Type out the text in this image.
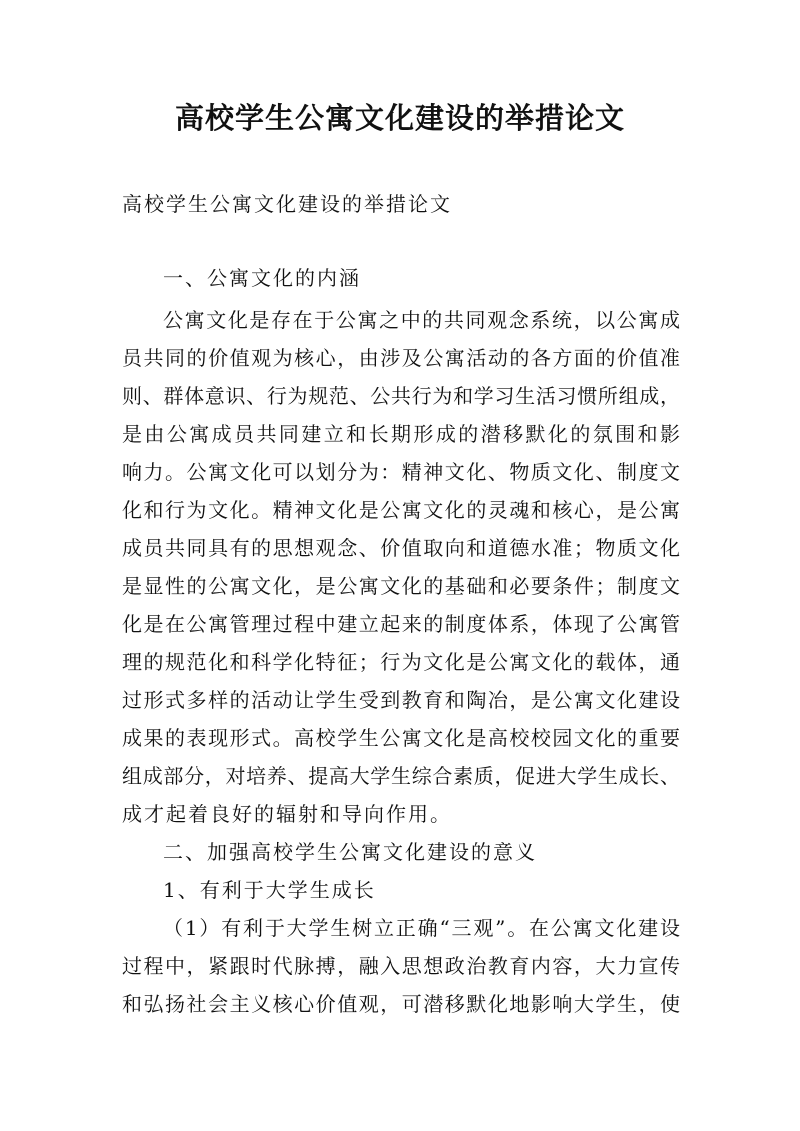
高校学生公寓文化建设的举措论文
高校学生公寓文化建设的举措论文
一、公寓文化的内涵
公寓文化是存在于公寓之中的共同观念系统，以公寓成
员共同的价值观为核心，由涉及公寓活动的各方面的价值准
则、群体意识、行为规范、公共行为和学习生活习惯所组成，
是由公寓成员共同建立和长期形成的潜移默化的氛围和影
响力。公寓文化可以划分为：精神文化、物质文化、制度文
化和行为文化。精神文化是公寓文化的灵魂和核心，是公寓
成员共同具有的思想观念、价值取向和道德水准；物质文化
是显性的公寓文化，是公寓文化的基础和必要条件；制度文
化是在公寓管理过程中建立起来的制度体系，体现了公寓管
理的规范化和科学化特征；行为文化是公寓文化的载体，通
过形式多样的活动让学生受到教育和陶冶，是公寓文化建设
成果的表现形式。高校学生公寓文化是高校校园文化的重要
组成部分，对培养、提高大学生综合素质，促进大学生成长、
成才起着良好的辐射和导向作用。
二、加强高校学生公寓文化建设的意义
1、有利于大学生成长
（1）有利于大学生树立正确“三观”。在公寓文化建设
过程中，紧跟时代脉搏，融入思想政治教育内容，大力宣传
和弘扬社会主义核心价值观，可潜移默化地影响大学生，使
